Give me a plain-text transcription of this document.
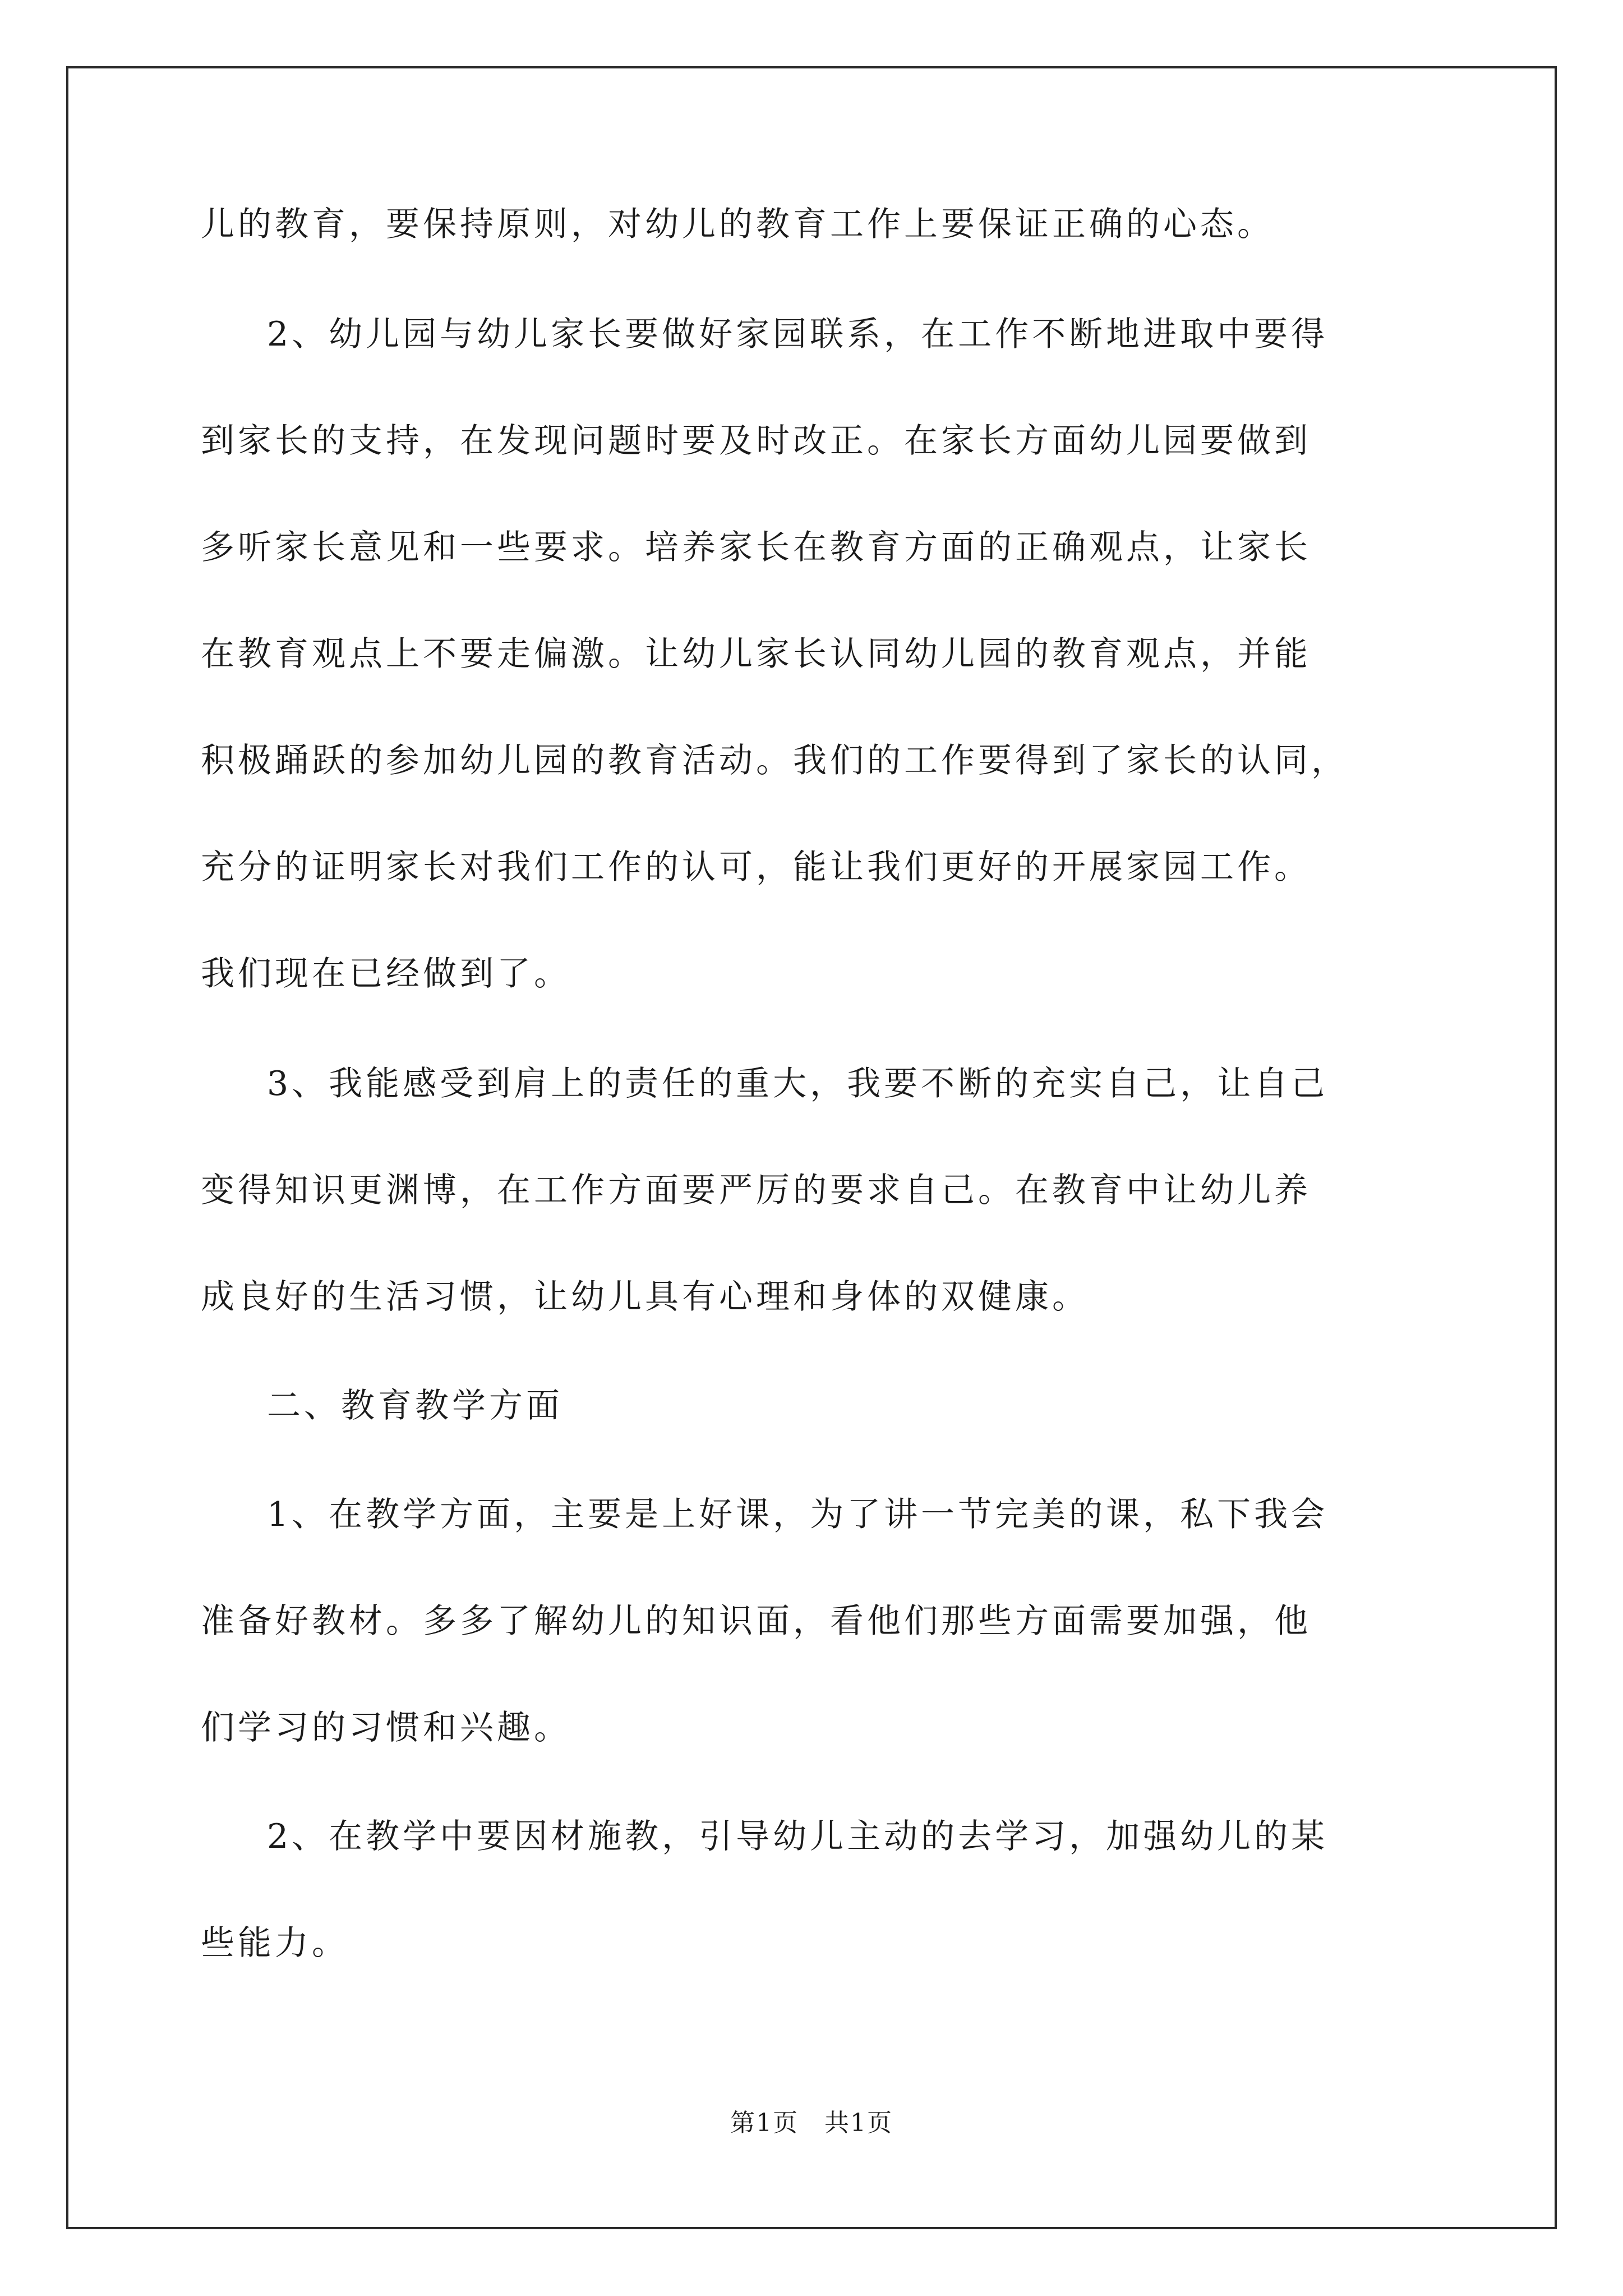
儿的教育，要保持原则，对幼儿的教育工作上要保证正确的心态。
2、幼儿园与幼儿家长要做好家园联系，在工作不断地进取中要得
到家长的支持，在发现问题时要及时改正。在家长方面幼儿园要做到
多听家长意见和一些要求。培养家长在教育方面的正确观点，让家长
在教育观点上不要走偏激。让幼儿家长认同幼儿园的教育观点，并能
积极踊跃的参加幼儿园的教育活动。我们的工作要得到了家长的认同，
充分的证明家长对我们工作的认可，能让我们更好的开展家园工作。
我们现在已经做到了。
3、我能感受到肩上的责任的重大，我要不断的充实自己，让自己
变得知识更渊博，在工作方面要严厉的要求自己。在教育中让幼儿养
成良好的生活习惯，让幼儿具有心理和身体的双健康。
二、教育教学方面
1、在教学方面，主要是上好课，为了讲一节完美的课，私下我会
准备好教材。多多了解幼儿的知识面，看他们那些方面需要加强，他
们学习的习惯和兴趣。
2、在教学中要因材施教，引导幼儿主动的去学习，加强幼儿的某
些能力。
第1页　共1页
